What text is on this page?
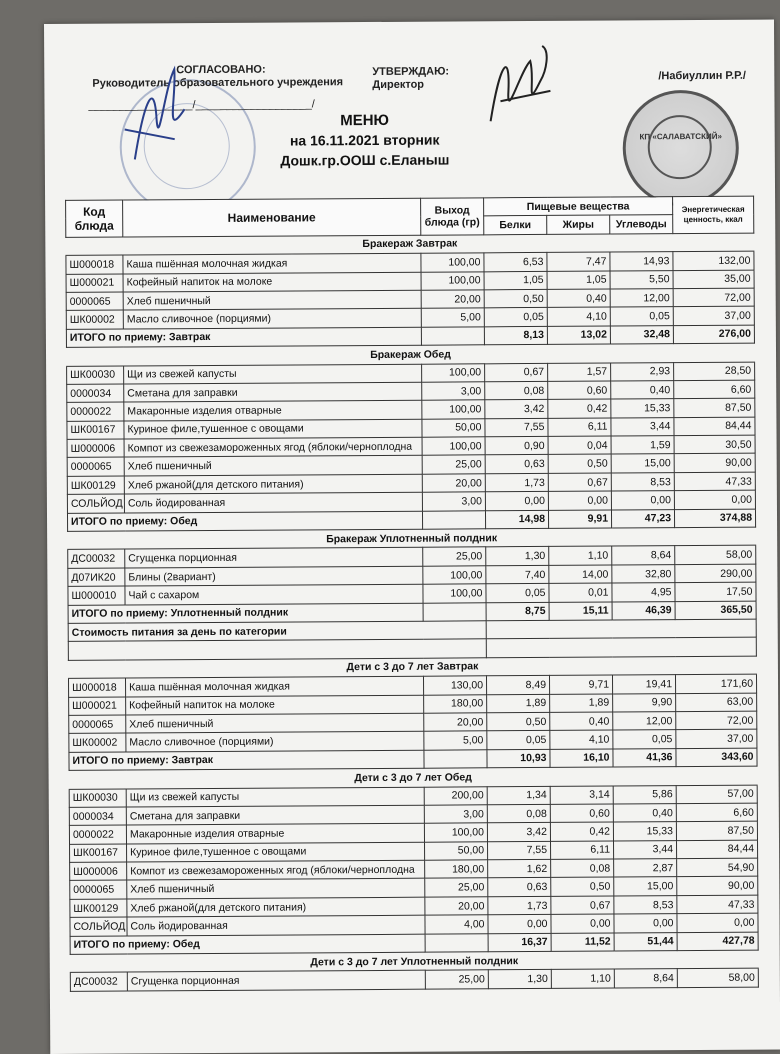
СОГЛАСОВАНО:
Руководитель образовательного учреждения
_________________/___________________/
УТВЕРЖДАЮ:
Директор
/Набиуллин Р.Р./
КП «САЛАВАТСКИЙ»
МЕНЮ
на 16.11.2021 вторник
Дошк.гр.ООШ с.Еланыш
Код блюда	Наименование	Выход блюда (гр)	Пищевые вещества			Энергетическая ценность, ккал
			Белки	Жиры	Углеводы	
Бракераж Завтрак						
Ш000018	Каша пшённая молочная жидкая	100,00	6,53	7,47	14,93	132,00
Ш000021	Кофейный напиток на молоке	100,00	1,05	1,05	5,50	35,00
0000065	Хлеб пшеничный	20,00	0,50	0,40	12,00	72,00
ШК00002	Масло сливочное (порциями)	5,00	0,05	4,10	0,05	37,00
ИТОГО по приему: Завтрак			8,13	13,02	32,48	276,00
Бракераж Обед						
ШК00030	Щи из свежей капусты	100,00	0,67	1,57	2,93	28,50
0000034	Сметана для заправки	3,00	0,08	0,60	0,40	6,60
0000022	Макаронные изделия отварные	100,00	3,42	0,42	15,33	87,50
ШК00167	Куриное филе,тушенное с овощами	50,00	7,55	6,11	3,44	84,44
Ш000006	Компот из свежезамороженных ягод (яблоки/черноплодна	100,00	0,90	0,04	1,59	30,50
0000065	Хлеб пшеничный	25,00	0,63	0,50	15,00	90,00
ШК00129	Хлеб ржаной(для детского питания)	20,00	1,73	0,67	8,53	47,33
СОЛЬЙОД	Соль йодированная	3,00	0,00	0,00	0,00	0,00
ИТОГО по приему: Обед			14,98	9,91	47,23	374,88
Бракераж Уплотненный полдник						
ДС00032	Сгущенка порционная	25,00	1,30	1,10	8,64	58,00
Д07ИК20	Блины (2вариант)	100,00	7,40	14,00	32,80	290,00
Ш000010	Чай с сахаром	100,00	0,05	0,01	4,95	17,50
ИТОГО по приему: Уплотненный полдник			8,75	15,11	46,39	365,50
Стоимость питания за день по категории						

Дети с 3 до 7 лет Завтрак						
Ш000018	Каша пшённая молочная жидкая	130,00	8,49	9,71	19,41	171,60
Ш000021	Кофейный напиток на молоке	180,00	1,89	1,89	9,90	63,00
0000065	Хлеб пшеничный	20,00	0,50	0,40	12,00	72,00
ШК00002	Масло сливочное (порциями)	5,00	0,05	4,10	0,05	37,00
ИТОГО по приему: Завтрак			10,93	16,10	41,36	343,60
Дети с 3 до 7 лет Обед						
ШК00030	Щи из свежей капусты	200,00	1,34	3,14	5,86	57,00
0000034	Сметана для заправки	3,00	0,08	0,60	0,40	6,60
0000022	Макаронные изделия отварные	100,00	3,42	0,42	15,33	87,50
ШК00167	Куриное филе,тушенное с овощами	50,00	7,55	6,11	3,44	84,44
Ш000006	Компот из свежезамороженных ягод (яблоки/черноплодна	180,00	1,62	0,08	2,87	54,90
0000065	Хлеб пшеничный	25,00	0,63	0,50	15,00	90,00
ШК00129	Хлеб ржаной(для детского питания)	20,00	1,73	0,67	8,53	47,33
СОЛЬЙОД	Соль йодированная	4,00	0,00	0,00	0,00	0,00
ИТОГО по приему: Обед			16,37	11,52	51,44	427,78
Дети с 3 до 7 лет Уплотненный полдник						
ДС00032	Сгущенка порционная	25,00	1,30	1,10	8,64	58,00
